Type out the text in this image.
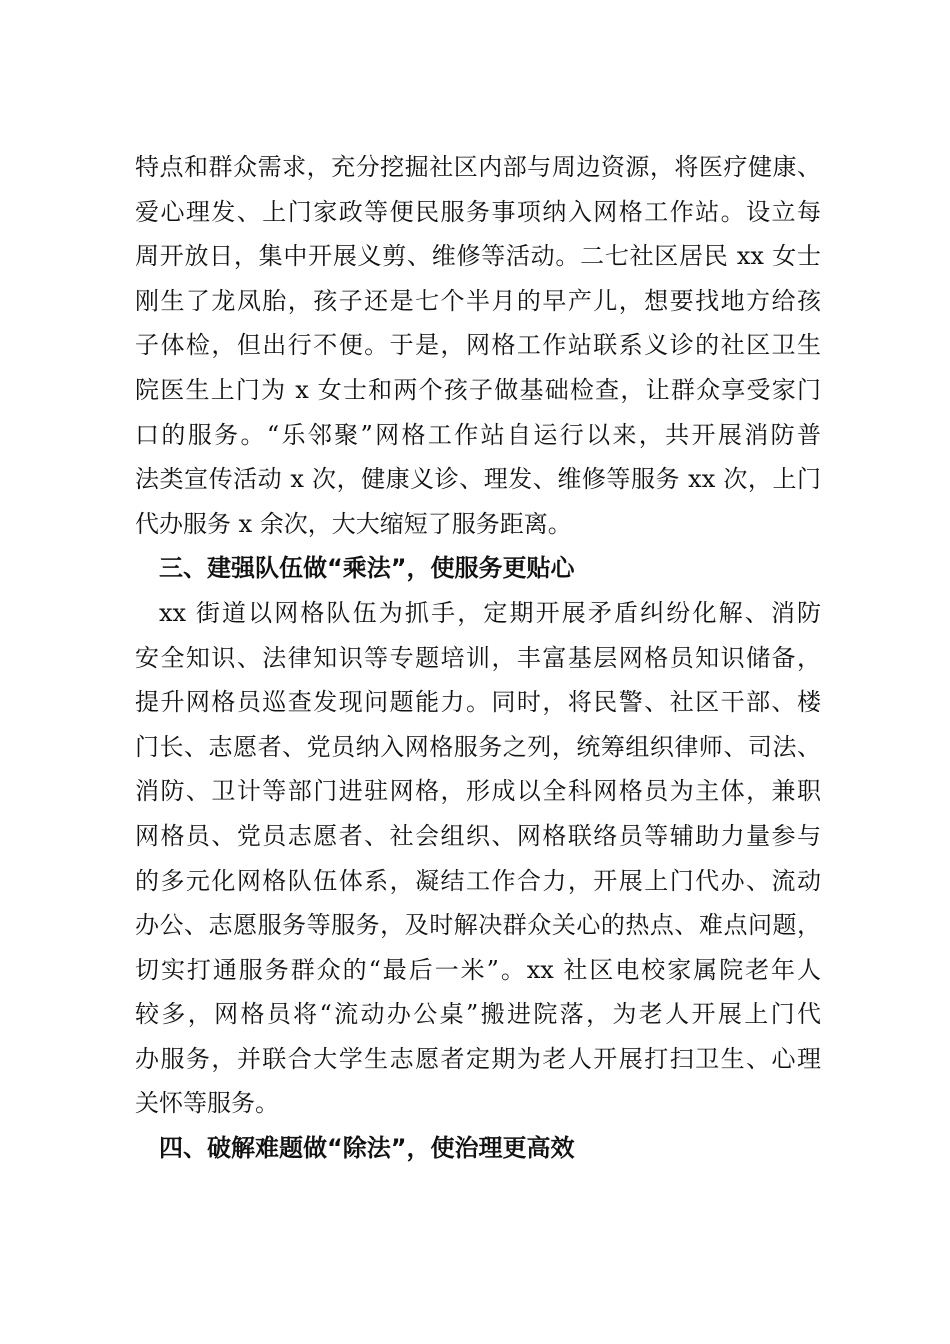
特点和群众需求，充分挖掘社区内部与周边资源，将医疗健康、
爱心理发、上门家政等便民服务事项纳入网格工作站。设立每
周开放日，集中开展义剪、维修等活动。二七社区居民 xx 女士
刚生了龙凤胎，孩子还是七个半月的早产儿，想要找地方给孩
子体检，但出行不便。于是，网格工作站联系义诊的社区卫生
院医生上门为 x 女士和两个孩子做基础检查，让群众享受家门
口的服务。“乐邻聚”网格工作站自运行以来，共开展消防普
法类宣传活动 x 次，健康义诊、理发、维修等服务 xx 次，上门
代办服务 x 余次，大大缩短了服务距离。
三、建强队伍做“乘法”，使服务更贴心
xx 街道以网格队伍为抓手，定期开展矛盾纠纷化解、消防
安全知识、法律知识等专题培训，丰富基层网格员知识储备，
提升网格员巡查发现问题能力。同时，将民警、社区干部、楼
门长、志愿者、党员纳入网格服务之列，统筹组织律师、司法、
消防、卫计等部门进驻网格，形成以全科网格员为主体，兼职
网格员、党员志愿者、社会组织、网格联络员等辅助力量参与
的多元化网格队伍体系，凝结工作合力，开展上门代办、流动
办公、志愿服务等服务，及时解决群众关心的热点、难点问题，
切实打通服务群众的“最后一米”。xx 社区电校家属院老年人
较多，网格员将“流动办公桌”搬进院落，为老人开展上门代
办服务，并联合大学生志愿者定期为老人开展打扫卫生、心理
关怀等服务。
四、破解难题做“除法”，使治理更高效
